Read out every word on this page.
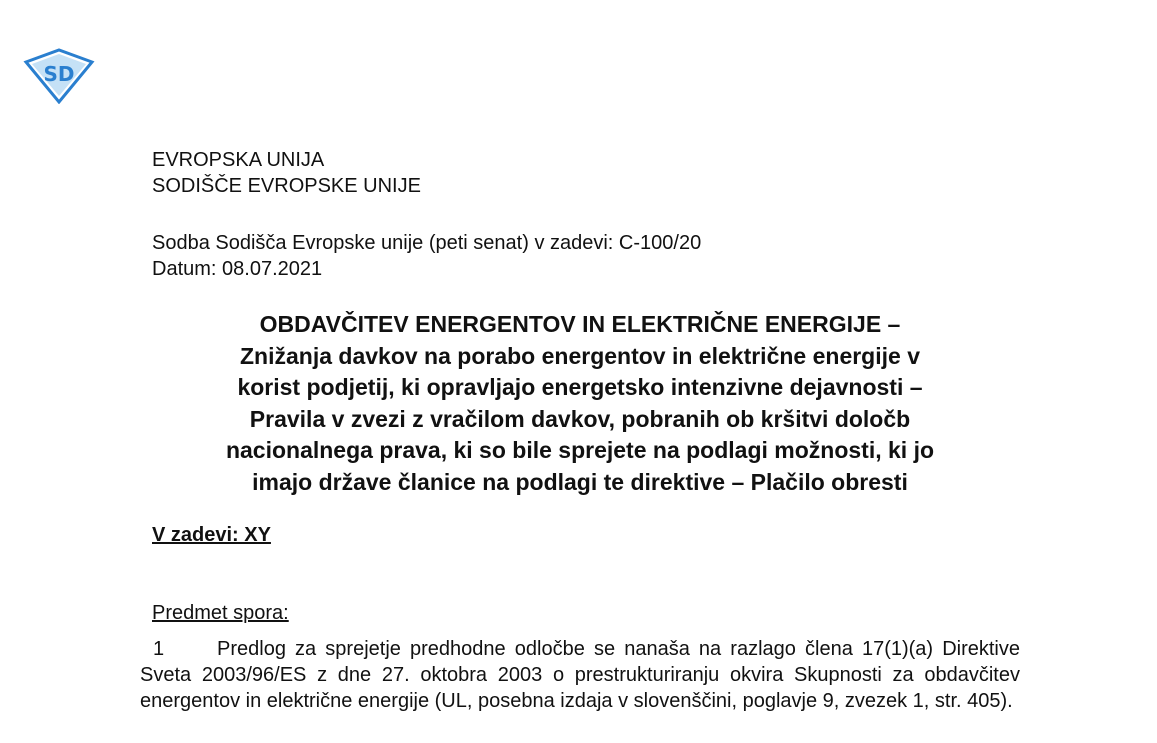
SD
EVROPSKA UNIJA
SODIŠČE EVROPSKE UNIJE
Sodba Sodišča Evropske unije (peti senat) v zadevi: C-100/20
Datum: 08.07.2021
OBDAVČITEV ENERGENTOV IN ELEKTRIČNE ENERGIJE –
Znižanja davkov na porabo energentov in električne energije v
korist podjetij, ki opravljajo energetsko intenzivne dejavnosti –
Pravila v zvezi z vračilom davkov, pobranih ob kršitvi določb
nacionalnega prava, ki so bile sprejete na podlagi možnosti, ki jo
imajo države članice na podlagi te direktive – Plačilo obresti
V zadevi: XY
Predmet spora:
1	Predlog za sprejetje predhodne odločbe se nanaša na razlago člena 17(1)(a) Direktive Sveta 2003/96/ES z dne 27. oktobra 2003 o prestrukturiranju okvira Skupnosti za obdavčitev energentov in električne energije (UL, posebna izdaja v slovenščini, poglavje 9, zvezek 1, str. 405).
